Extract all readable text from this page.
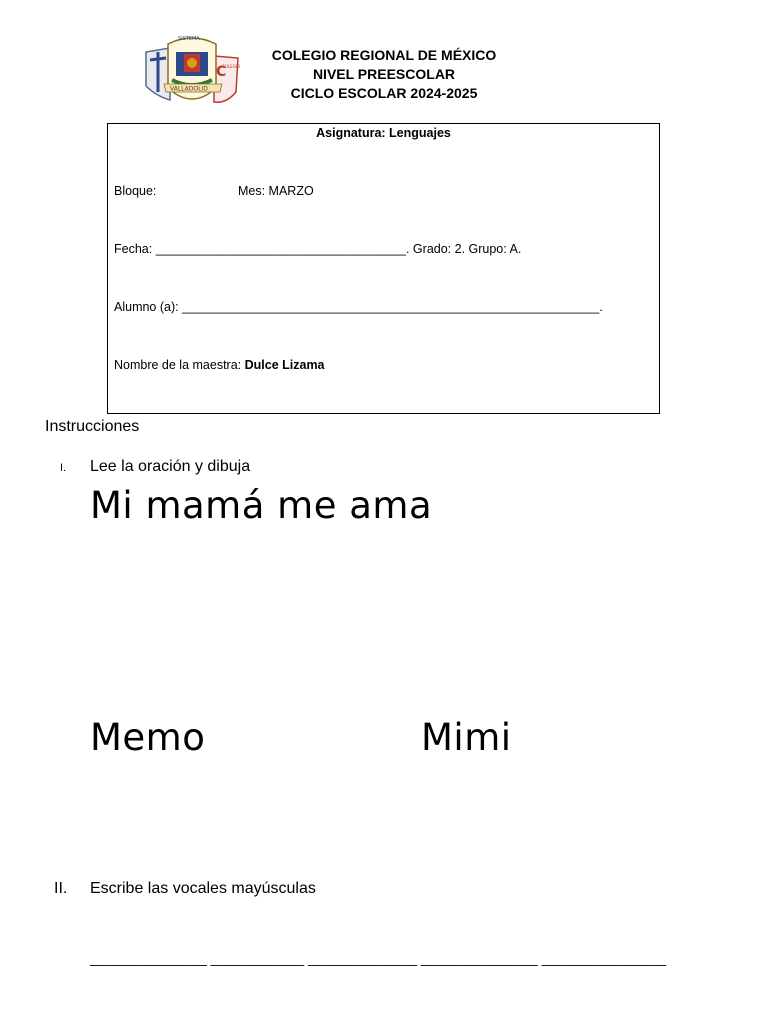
C
COLEGIO
SISTEMA
VALLADOLID
COLEGIO REGIONAL DE MÉXICO
NIVEL PREESCOLAR
CICLO ESCOLAR 2024-2025
Asignatura: Lenguajes
Bloque:	Mes: MARZO
Fecha: ____________________________________. Grado: 2. Grupo: A.
Alumno (a): ____________________________________________________________.
Nombre de la maestra: Dulce Lizama
Instrucciones
I. Lee la oración y dibuja
Mi mamá me ama
Memo	Mimi
II. Escribe las vocales mayúsculas
_______________ ____________ ______________ _______________ ________________
